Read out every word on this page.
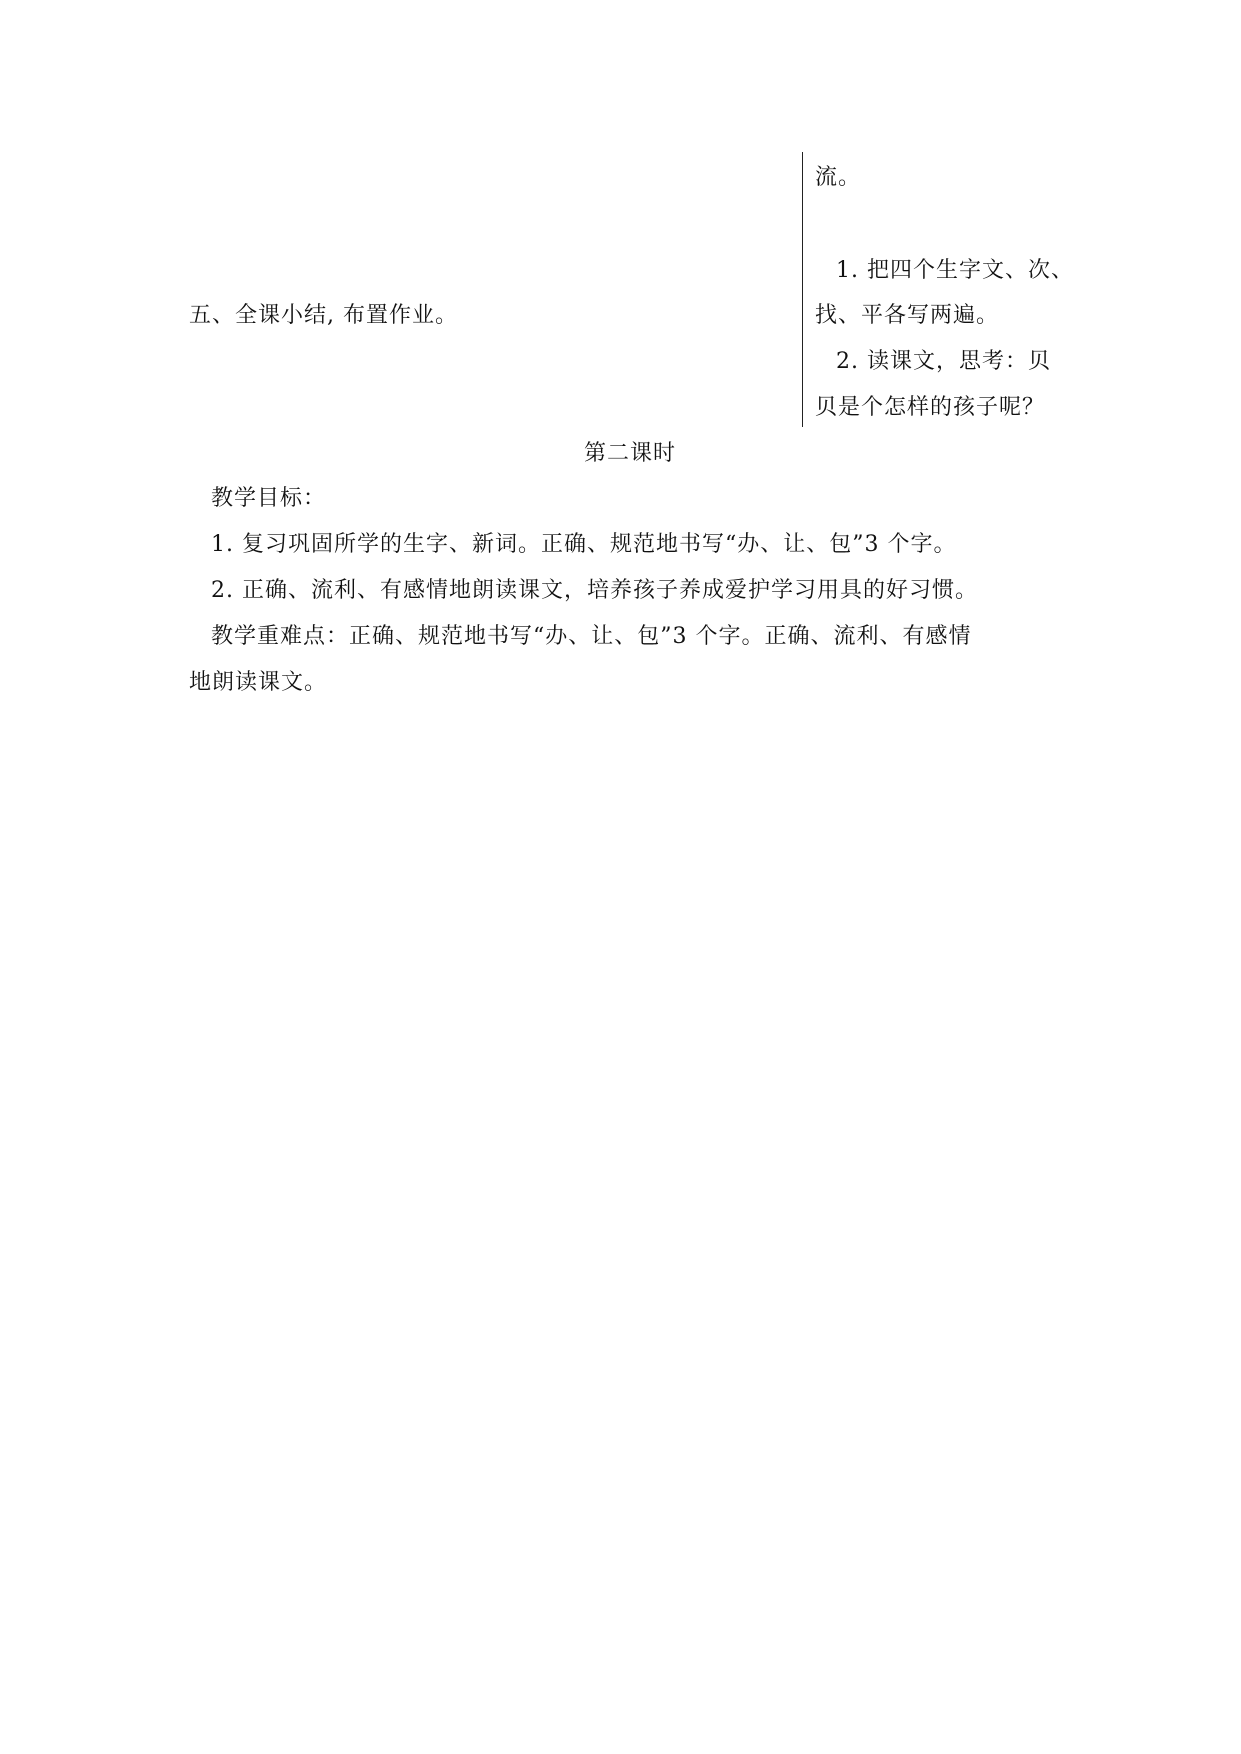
流。
1. 把四个生字文、次、
找、平各写两遍。
2. 读课文，思考：贝
贝是个怎样的孩子呢？
五、全课小结, 布置作业。
第二课时
教学目标：
1. 复习巩固所学的生字、新词。正确、规范地书写“办、让、包”3 个字。
2. 正确、流利、有感情地朗读课文，培养孩子养成爱护学习用具的好习惯。
教学重难点：正确、规范地书写“办、让、包”3 个字。正确、流利、有感情
地朗读课文。
